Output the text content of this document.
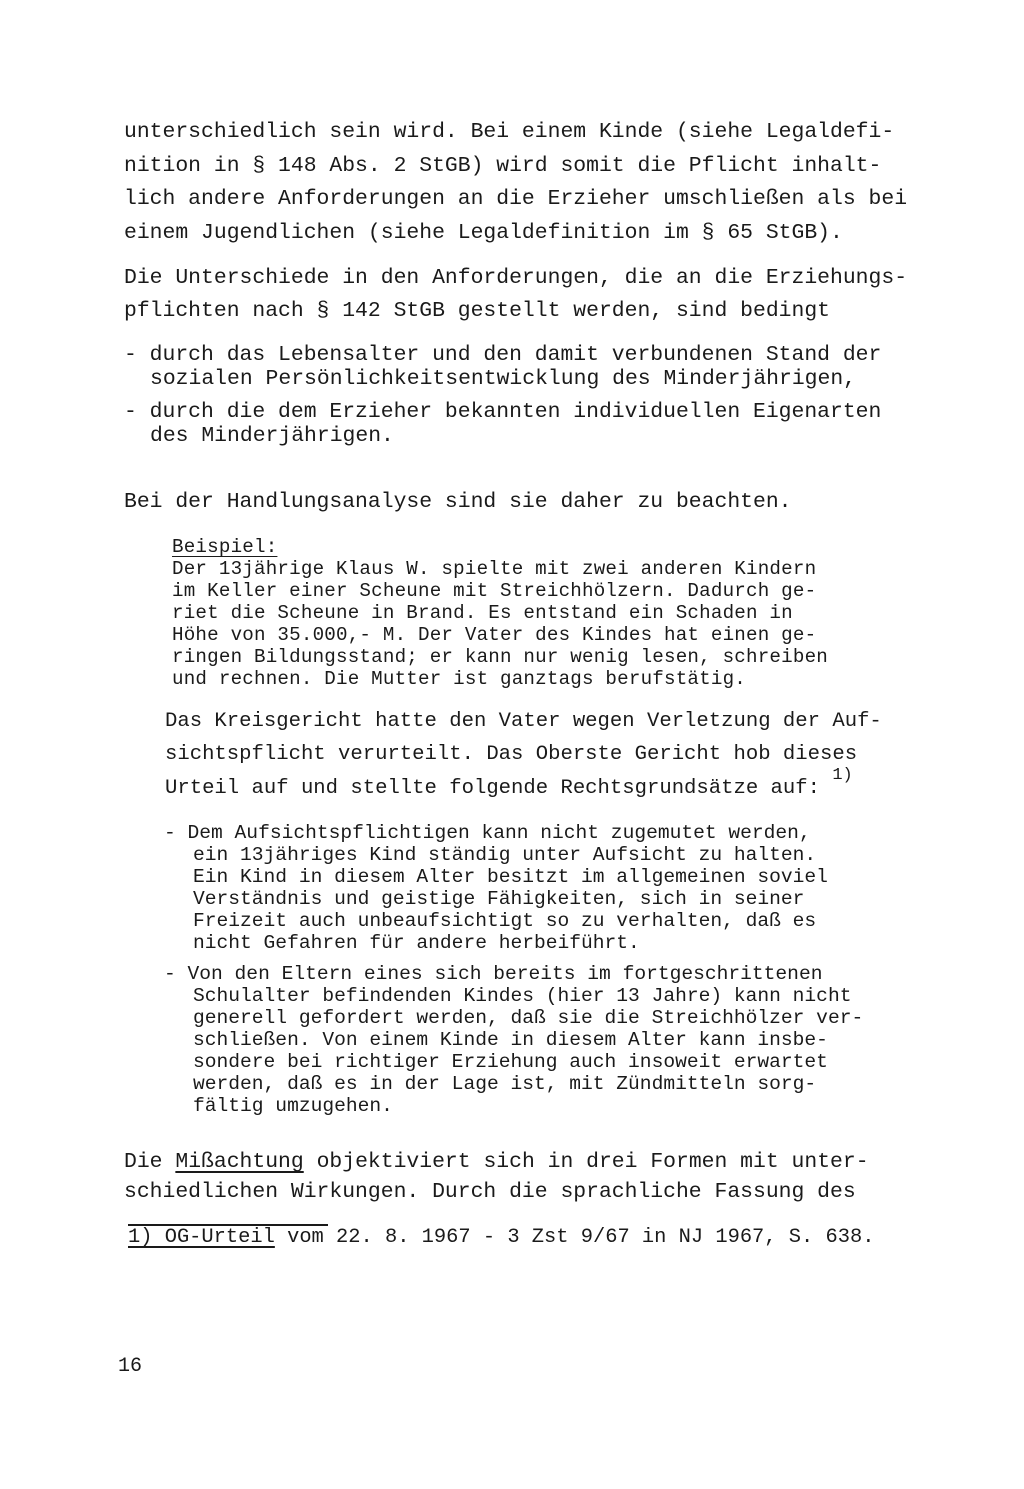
unterschiedlich sein wird. Bei einem Kinde (siehe Legaldefi-
nition in § 148 Abs. 2 StGB) wird somit die Pflicht inhalt-
lich andere Anforderungen an die Erzieher umschließen als bei
einem Jugendlichen (siehe Legaldefinition im § 65 StGB).
Die Unterschiede in den Anforderungen, die an die Erziehungs-
pflichten nach § 142 StGB gestellt werden, sind bedingt
- durch das Lebensalter und den damit verbundenen Stand der
sozialen Persönlichkeitsentwicklung des Minderjährigen,
- durch die dem Erzieher bekannten individuellen Eigenarten
des Minderjährigen.
Bei der Handlungsanalyse sind sie daher zu beachten.
Beispiel:
Der 13jährige Klaus W. spielte mit zwei anderen Kindern
im Keller einer Scheune mit Streichhölzern. Dadurch ge-
riet die Scheune in Brand. Es entstand ein Schaden in
Höhe von 35.000,- M. Der Vater des Kindes hat einen ge-
ringen Bildungsstand; er kann nur wenig lesen, schreiben
und rechnen. Die Mutter ist ganztags berufstätig.
Das Kreisgericht hatte den Vater wegen Verletzung der Auf-
sichtspflicht verurteilt. Das Oberste Gericht hob dieses
Urteil auf und stellte folgende Rechtsgrundsätze auf: $^{1)}$
- Dem Aufsichtspflichtigen kann nicht zugemutet werden,
ein 13jähriges Kind ständig unter Aufsicht zu halten.
Ein Kind in diesem Alter besitzt im allgemeinen soviel
Verständnis und geistige Fähigkeiten, sich in seiner
Freizeit auch unbeaufsichtigt so zu verhalten, daß es
nicht Gefahren für andere herbeiführt.
- Von den Eltern eines sich bereits im fortgeschrittenen
Schulalter befindenden Kindes (hier 13 Jahre) kann nicht
generell gefordert werden, daß sie die Streichhölzer ver-
schließen. Von einem Kinde in diesem Alter kann insbe-
sondere bei richtiger Erziehung auch insoweit erwartet
werden, daß es in der Lage ist, mit Zündmitteln sorg-
fältig umzugehen.
Die Mißachtung objektiviert sich in drei Formen mit unter-
schiedlichen Wirkungen. Durch die sprachliche Fassung des
1) OG-Urteil vom 22. 8. 1967 - 3 Zst 9/67 in NJ 1967, S. 638.
16
